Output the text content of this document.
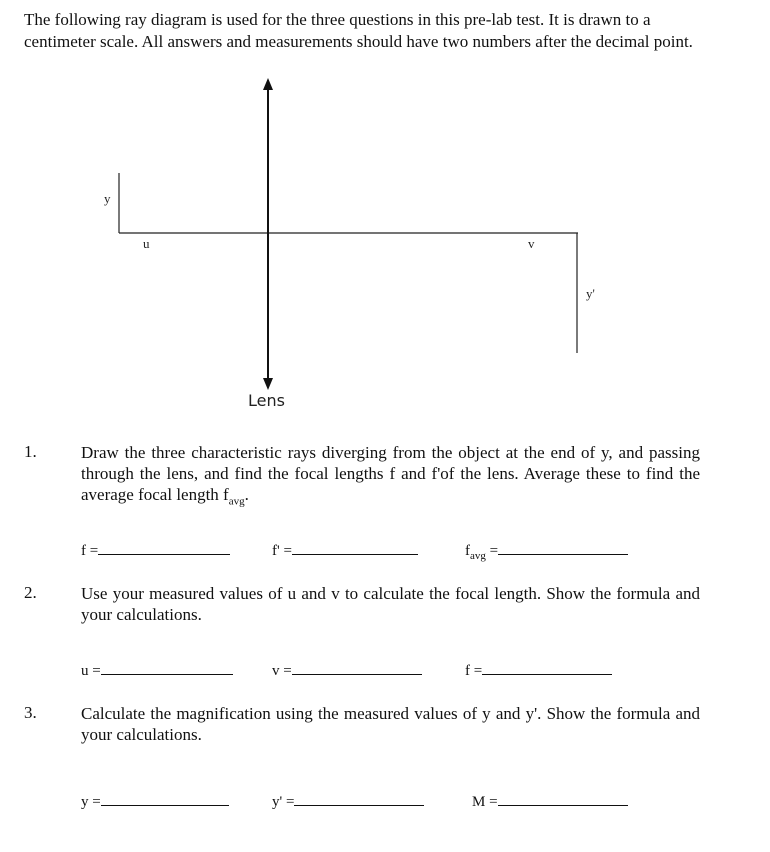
The following ray diagram is used for the three questions in this pre-lab test. It is drawn to a centimeter scale. All answers and measurements should have two numbers after the decimal point.
y
u	v
y'
Lens
1.	Draw the three characteristic rays diverging from the object at the end of y, and passing through the lens, and find the focal lengths f and f'of the lens. Average these to find the average focal length $f_{avg}$.
f =	f' =	$f_{avg}$ =
2.	Use your measured values of u and v to calculate the focal length. Show the formula and your calculations.
u =	v =	f =
3.	Calculate the magnification using the measured values of y and y'. Show the formula and your calculations.
y =	y' =	M =
